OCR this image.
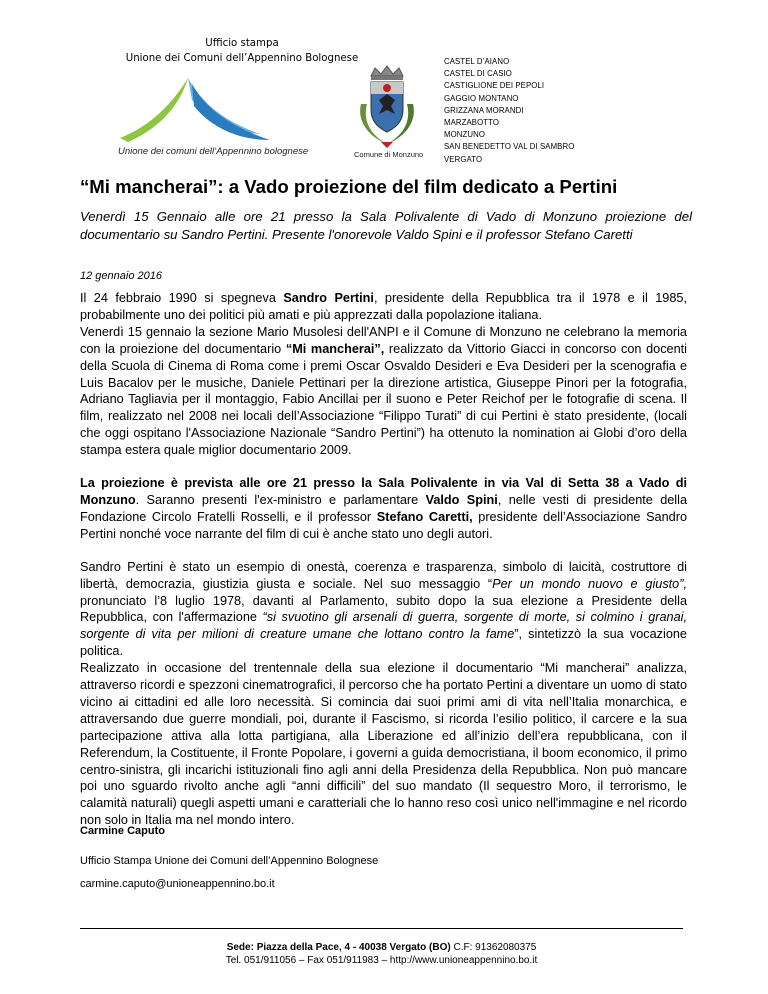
Ufficio stampa
Unione dei Comuni dell’Appennino Bolognese
Unione dei comuni dell’Appennino bolognese	Comune di Monzuno
CASTEL D’AIANO
CASTEL DI CASIO
CASTIGLIONE DEI PEPOLI
GAGGIO MONTANO
GRIZZANA MORANDI
MARZABOTTO
MONZUNO
SAN BENEDETTO VAL DI SAMBRO
VERGATO
“Mi mancherai”: a Vado proiezione del film dedicato a Pertini

Venerdì 15 Gennaio alle ore 21 presso la Sala Polivalente di Vado di Monzuno proiezione del documentario su Sandro Pertini. Presente l'onorevole Valdo Spini e il professor Stefano Caretti

12 gennaio 2016

Il 24 febbraio 1990 si spegneva Sandro Pertini, presidente della Repubblica tra il 1978 e il 1985, probabilmente uno dei politici più amati e più apprezzati dalla popolazione italiana.

Venerdì 15 gennaio la sezione Mario Musolesi dell'ANPI e il Comune di Monzuno ne celebrano la memoria con la proiezione del documentario “Mi mancherai”, realizzato da Vittorio Giacci in concorso con docenti della Scuola di Cinema di Roma come i premi Oscar Osvaldo Desideri e Eva Desideri per la scenografia e Luis Bacalov per le musiche, Daniele Pettinari per la direzione artistica, Giuseppe Pinori per la fotografia, Adriano Tagliavia per il montaggio, Fabio Ancillai per il suono e Peter Reichof per le fotografie di scena. Il film, realizzato nel 2008 nei locali dell’Associazione “Filippo Turati” di cui Pertini è stato presidente, (locali che oggi ospitano l'Associazione Nazionale “Sandro Pertini”) ha ottenuto la nomination ai Globi d’oro della stampa estera quale miglior documentario 2009.

La proiezione è prevista alle ore 21 presso la Sala Polivalente in via Val di Setta 38 a Vado di Monzuno. Saranno presenti l'ex-ministro e parlamentare Valdo Spini, nelle vesti di presidente della Fondazione Circolo Fratelli Rosselli, e il professor Stefano Caretti, presidente dell’Associazione Sandro Pertini nonché voce narrante del film di cui è anche stato uno degli autori.

Sandro Pertini è stato un esempio di onestà, coerenza e trasparenza, simbolo di laicità, costruttore di libertà, democrazia, giustizia giusta e sociale. Nel suo messaggio “Per un mondo nuovo e giusto”, pronunciato l’8 luglio 1978, davanti al Parlamento, subito dopo la sua elezione a Presidente della Repubblica, con l'affermazione “si svuotino gli arsenali di guerra, sorgente di morte, si colmino i granai, sorgente di vita per milioni di creature umane che lottano contro la fame”, sintetizzò la sua vocazione politica.

Realizzato in occasione del trentennale della sua elezione il documentario “Mi mancherai” analizza, attraverso ricordi e spezzoni cinematrografici, il percorso che ha portato Pertini a diventare un uomo di stato vicino ai cittadini ed alle loro necessità. Si comincia dai suoi primi ami di vita nell’Italia monarchica, e attraversando due guerre mondiali, poi, durante il Fascismo, si ricorda l’esilio politico, il carcere e la sua partecipazione attiva alla lotta partigiana, alla Liberazione ed all’inizio dell’era repubblicana, con il Referendum, la Costituente, il Fronte Popolare, i governi a guida democristiana, il boom economico, il primo centro-sinistra, gli incarichi istituzionali fino agli anni della Presidenza della Repubblica. Non può mancare poi uno sguardo rivolto anche agli “anni difficili” del suo mandato (Il sequestro Moro, il terrorismo, le calamità naturali) quegli aspetti umani e caratteriali che lo hanno reso così unico nell'immagine e nel ricordo non solo in Italia ma nel mondo intero.

Carmine Caputo
Ufficio Stampa Unione dei Comuni dell’Appennino Bolognese
carmine.caputo@unioneappennino.bo.it
Sede: Piazza della Pace, 4 - 40038 Vergato (BO) C.F: 91362080375
Tel. 051/911056 – Fax 051/911983 – http://www.unioneappennino.bo.it
